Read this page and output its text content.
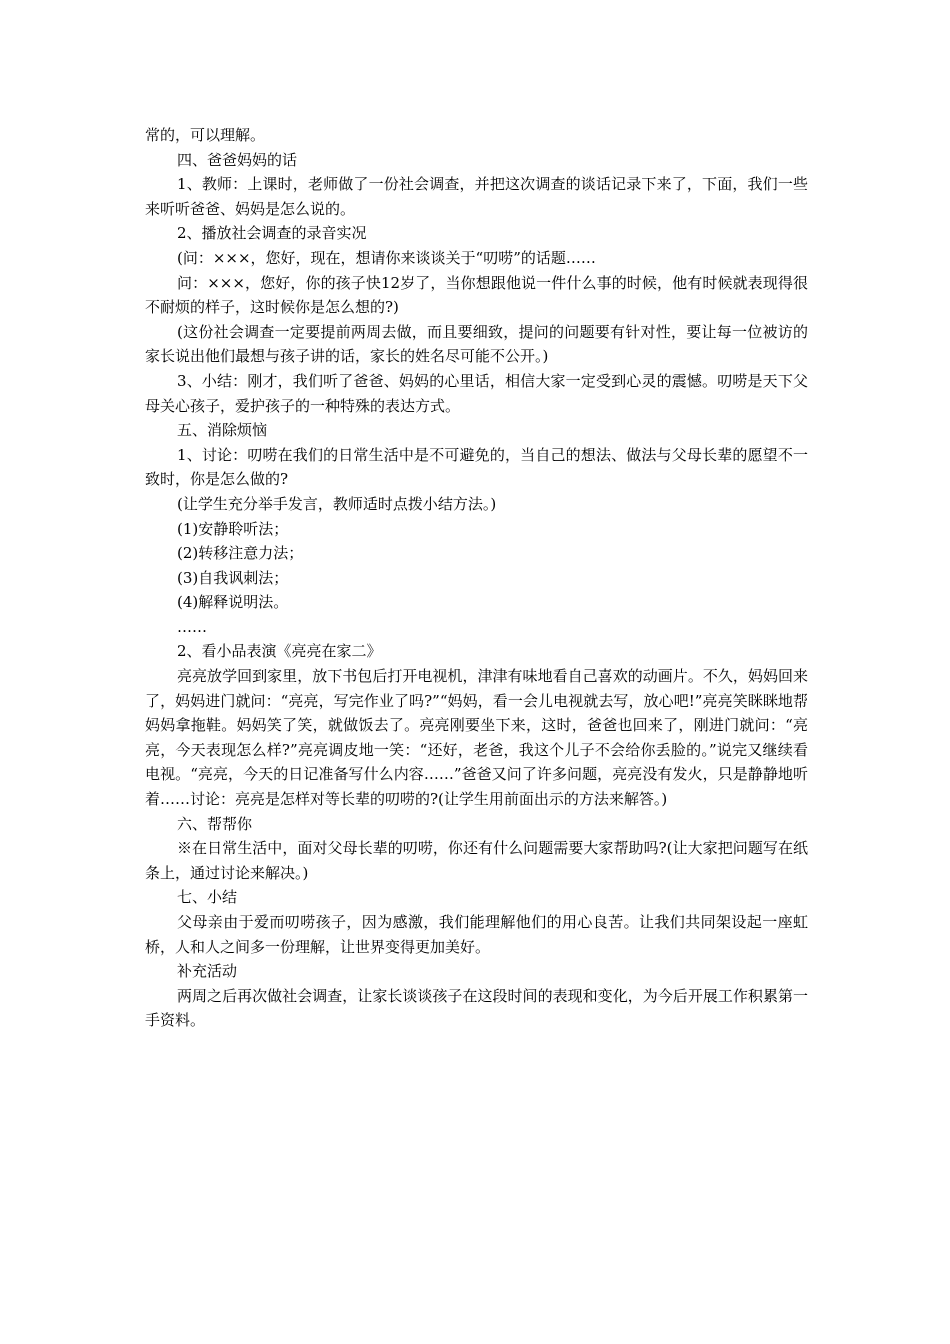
常的，可以理解。

四、爸爸妈妈的话

1、教师：上课时，老师做了一份社会调查，并把这次调查的谈话记录下来了，下面，我们一些来听听爸爸、妈妈是怎么说的。

2、播放社会调查的录音实况

(问：×××，您好，现在，想请你来谈谈关于“叨唠”的话题……

问：×××，您好，你的孩子快12岁了，当你想跟他说一件什么事的时候，他有时候就表现得很不耐烦的样子，这时候你是怎么想的?)

(这份社会调查一定要提前两周去做，而且要细致，提问的问题要有针对性，要让每一位被访的家长说出他们最想与孩子讲的话，家长的姓名尽可能不公开。)

3、小结：刚才，我们听了爸爸、妈妈的心里话，相信大家一定受到心灵的震憾。叨唠是天下父母关心孩子，爱护孩子的一种特殊的表达方式。

五、消除烦恼

1、讨论：叨唠在我们的日常生活中是不可避免的，当自己的想法、做法与父母长辈的愿望不一致时，你是怎么做的?

(让学生充分举手发言，教师适时点拨小结方法。)

(1)安静聆听法；

(2)转移注意力法；

(3)自我讽刺法；

(4)解释说明法。

……

2、看小品表演《亮亮在家二》

亮亮放学回到家里，放下书包后打开电视机，津津有味地看自己喜欢的动画片。不久，妈妈回来了，妈妈进门就问：“亮亮，写完作业了吗?”“妈妈，看一会儿电视就去写，放心吧!”亮亮笑眯眯地帮妈妈拿拖鞋。妈妈笑了笑，就做饭去了。亮亮刚要坐下来，这时，爸爸也回来了，刚进门就问：“亮亮，今天表现怎么样?”亮亮调皮地一笑：“还好，老爸，我这个儿子不会给你丢脸的。”说完又继续看电视。“亮亮，今天的日记准备写什么内容……”爸爸又问了许多问题，亮亮没有发火，只是静静地听着……讨论：亮亮是怎样对等长辈的叨唠的?(让学生用前面出示的方法来解答。)

六、帮帮你

※在日常生活中，面对父母长辈的叨唠，你还有什么问题需要大家帮助吗?(让大家把问题写在纸条上，通过讨论来解决。)

七、小结

父母亲由于爱而叨唠孩子，因为感激，我们能理解他们的用心良苦。让我们共同架设起一座虹桥，人和人之间多一份理解，让世界变得更加美好。

补充活动

两周之后再次做社会调查，让家长谈谈孩子在这段时间的表现和变化，为今后开展工作积累第一手资料。
